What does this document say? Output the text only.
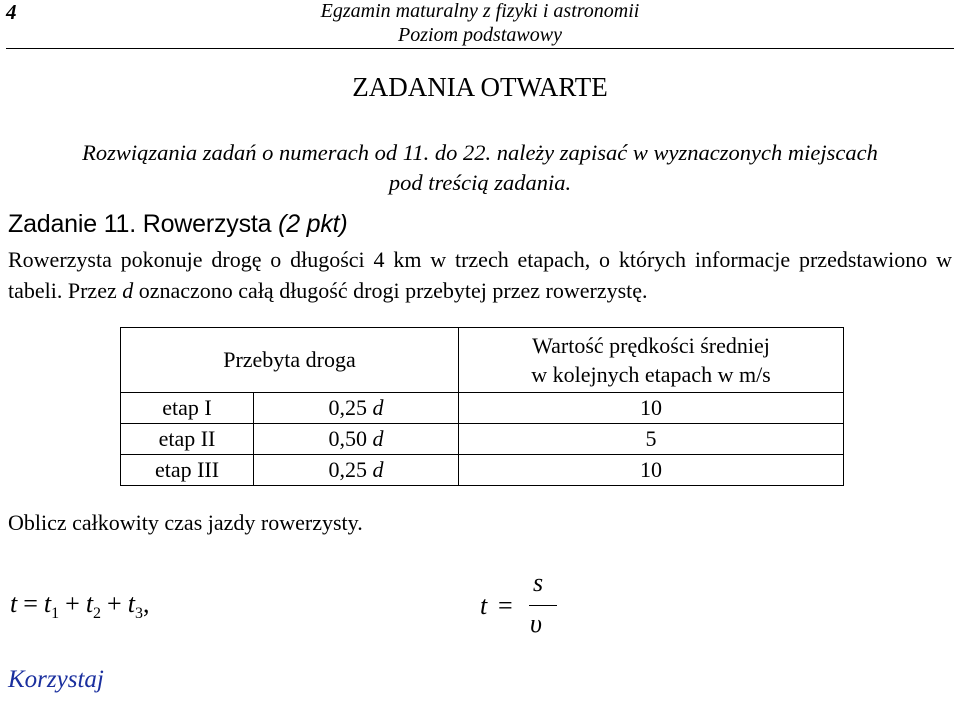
4	Egzamin maturalny z fizyki i astronomii
Poziom podstawowy
ZADANIA OTWARTE
Rozwiązania zadań o numerach od 11. do 22. należy zapisać w wyznaczonych miejscach
pod treścią zadania.
Zadanie 11. Rowerzysta (2 pkt)
Rowerzysta pokonuje drogę o długości 4 km w trzech etapach, o których informacje przedstawiono w tabeli. Przez d oznaczono całą długość drogi przebytej przez rowerzystę.
Przebyta droga		Wartość prędkości średniej
w kolejnych etapach w m/s

etap I	0,25 d	10
etap II	0,50 d	5
etap III	0,25 d	10
Oblicz całkowity czas jazdy rowerzysty.
$t = t_1 + t_2 + t_3$,	t =
s
υ
Korzystaj
